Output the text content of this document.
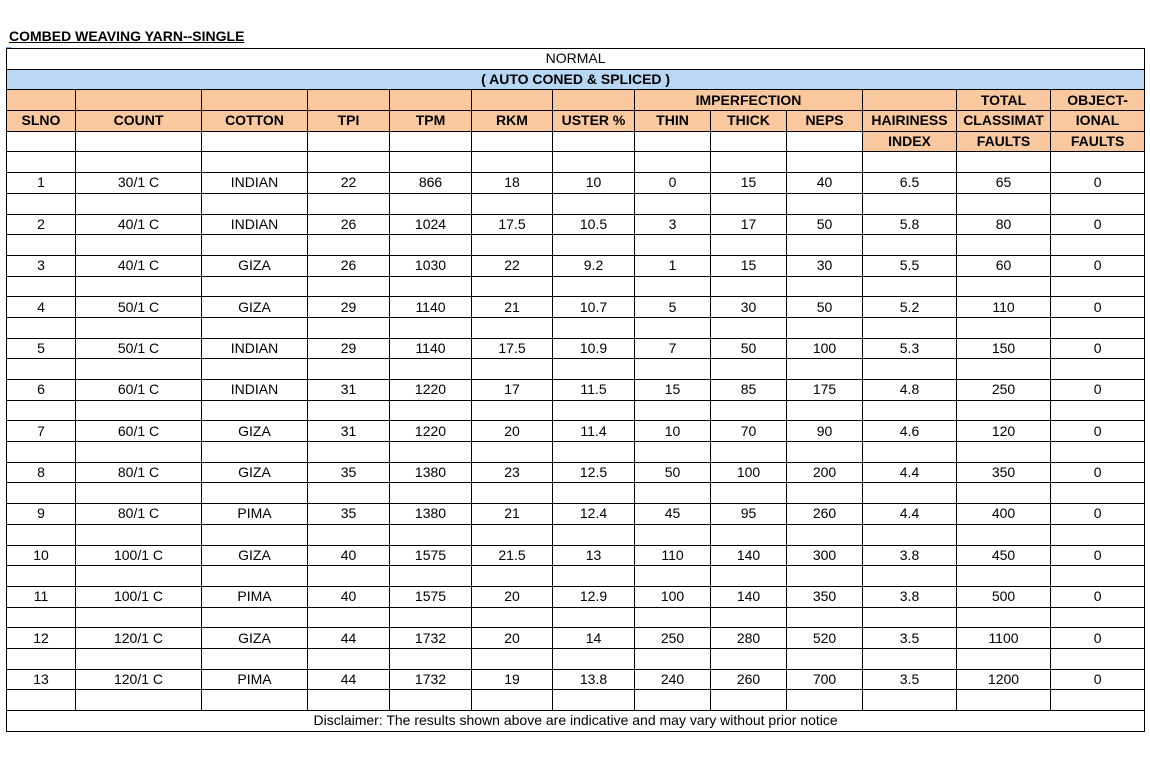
COMBED WEAVING YARN--SINGLE
NORMAL												
( AUTO CONED & SPLICED )												
							IMPERFECTION				TOTAL	OBJECT-
SLNO	COUNT	COTTON	TPI	TPM	RKM	USTER %	THIN	THICK	NEPS	HAIRINESS	CLASSIMAT	IONAL
										INDEX	FAULTS	FAULTS

1	30/1 C	INDIAN	22	866	18	10	0	15	40	6.5	65	0

2	40/1 C	INDIAN	26	1024	17.5	10.5	3	17	50	5.8	80	0

3	40/1 C	GIZA	26	1030	22	9.2	1	15	30	5.5	60	0

4	50/1 C	GIZA	29	1140	21	10.7	5	30	50	5.2	110	0

5	50/1 C	INDIAN	29	1140	17.5	10.9	7	50	100	5.3	150	0

6	60/1 C	INDIAN	31	1220	17	11.5	15	85	175	4.8	250	0

7	60/1 C	GIZA	31	1220	20	11.4	10	70	90	4.6	120	0

8	80/1 C	GIZA	35	1380	23	12.5	50	100	200	4.4	350	0

9	80/1 C	PIMA	35	1380	21	12.4	45	95	260	4.4	400	0

10	100/1 C	GIZA	40	1575	21.5	13	110	140	300	3.8	450	0

11	100/1 C	PIMA	40	1575	20	12.9	100	140	350	3.8	500	0

12	120/1 C	GIZA	44	1732	20	14	250	280	520	3.5	1100	0

13	120/1 C	PIMA	44	1732	19	13.8	240	260	700	3.5	1200	0

Disclaimer: The results shown above are indicative and may vary without prior notice												
